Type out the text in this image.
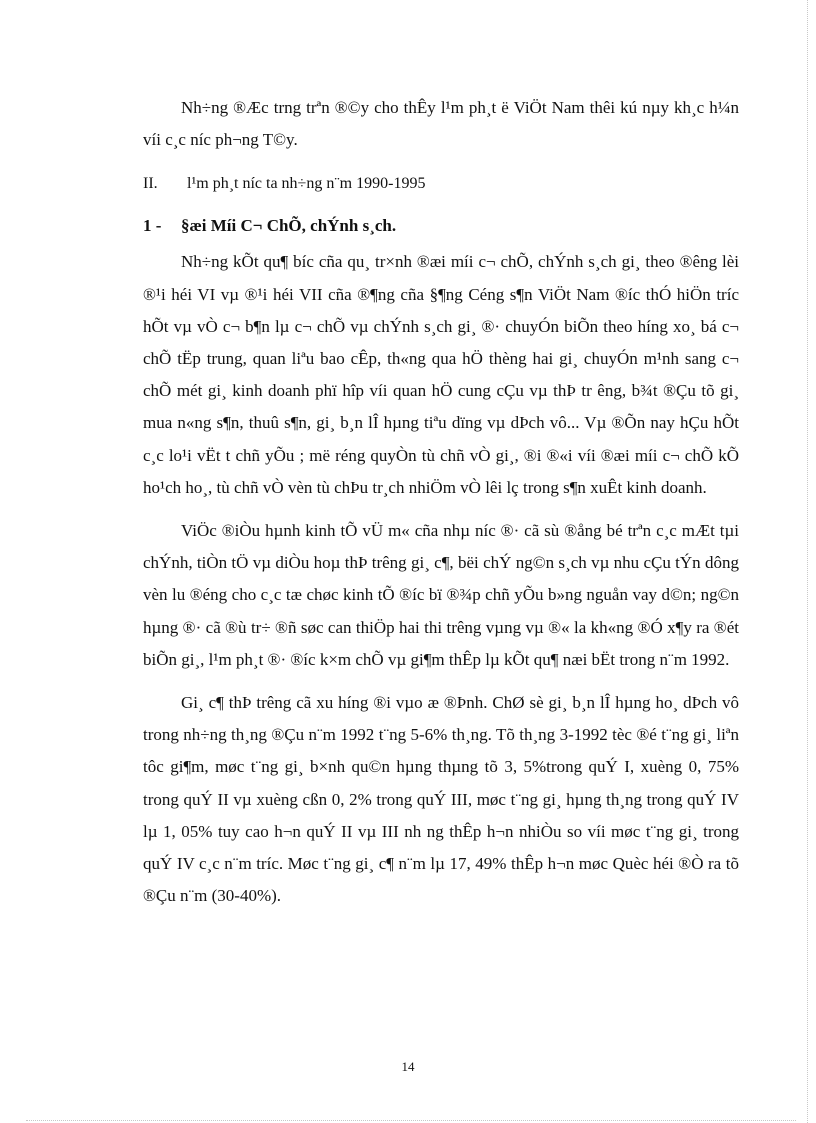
Nh÷ng ®Æc trng trªn ®©y cho thÊy l¹m ph¸t ë ViÖt Nam thêi kú nµy kh¸c h¼n víi c¸c níc ph¬ng T©y.

II.	l¹m ph¸t níc ta nh÷ng n¨m 1990-1995
1 -	§æi Míi C¬ ChÕ, chÝnh s¸ch.

Nh÷ng kÕt qu¶ bíc cña qu¸ tr×nh ®æi míi c¬ chÕ, chÝnh s¸ch gi¸ theo ®êng lèi ®¹i héi VI vµ ®¹i héi VII cña ®¶ng cña §¶ng Céng s¶n ViÖt Nam ®íc thÓ hiÖn tríc hÕt vµ vÒ c¬ b¶n lµ c¬ chÕ vµ chÝnh s¸ch gi¸ ®· chuyÓn biÕn theo híng xo¸ bá c¬ chÕ tËp trung, quan liªu bao cÊp, th«ng qua hÖ thèng hai gi¸ chuyÓn m¹nh sang c¬ chÕ mét gi¸ kinh doanh phï hîp víi quan hÖ cung cÇu vµ thÞ tr êng, b¾t ®Çu tõ gi¸ mua n«ng s¶n, thuû s¶n, gi¸ b¸n lÎ hµng tiªu dïng vµ dÞch vô... Vµ ®Õn nay hÇu hÕt c¸c lo¹i vËt t chñ yÕu ; më réng quyÒn tù chñ vÒ gi¸, ®i ®«i víi ®æi míi c¬ chÕ kÕ ho¹ch ho¸, tù chñ vÒ vèn tù chÞu tr¸ch nhiÖm vÒ lêi lç trong s¶n xuÊt kinh doanh.

ViÖc ®iÒu hµnh kinh tÕ vÜ m« cña nhµ níc ®· cã sù ®ång bé trªn c¸c mÆt tµi chÝnh, tiÒn tÖ vµ diÒu hoµ thÞ trêng gi¸ c¶, bëi chÝ ng©n s¸ch vµ nhu cÇu tÝn dông vèn lu ®éng cho c¸c tæ chøc kinh tÕ ®íc bï ®¾p chñ yÕu b»ng nguån vay d©n; ng©n hµng ®· cã ®ù tr÷ ®ñ søc can thiÖp hai thi trêng vµng vµ ®« la kh«ng ®Ó x¶y ra ®ét biÕn gi¸, l¹m ph¸t ®· ®íc k×m chÕ vµ gi¶m thÊp lµ kÕt qu¶ næi bËt trong n¨m 1992.

Gi¸ c¶ thÞ trêng cã xu híng ®i vµo æ ®Þnh. ChØ sè gi¸ b¸n lÎ hµng ho¸ dÞch vô trong nh÷ng th¸ng ®Çu n¨m 1992 t¨ng 5-6% th¸ng. Tõ th¸ng 3-1992 tèc ®é t¨ng gi¸ liªn tôc gi¶m, møc t¨ng gi¸ b×nh qu©n hµng thµng tõ 3, 5%trong quÝ I, xuèng 0, 75% trong quÝ II vµ xuèng cßn 0, 2% trong quÝ III, møc t¨ng gi¸ hµng th¸ng trong quÝ IV lµ 1, 05% tuy cao h¬n quÝ II vµ III nh ng thÊp h¬n nhiÒu so víi møc t¨ng gi¸ trong quÝ IV c¸c n¨m tríc. Møc t¨ng gi¸ c¶ n¨m lµ 17, 49% thÊp h¬n møc Quèc héi ®Ò ra tõ ®Çu n¨m (30-40%).

14
